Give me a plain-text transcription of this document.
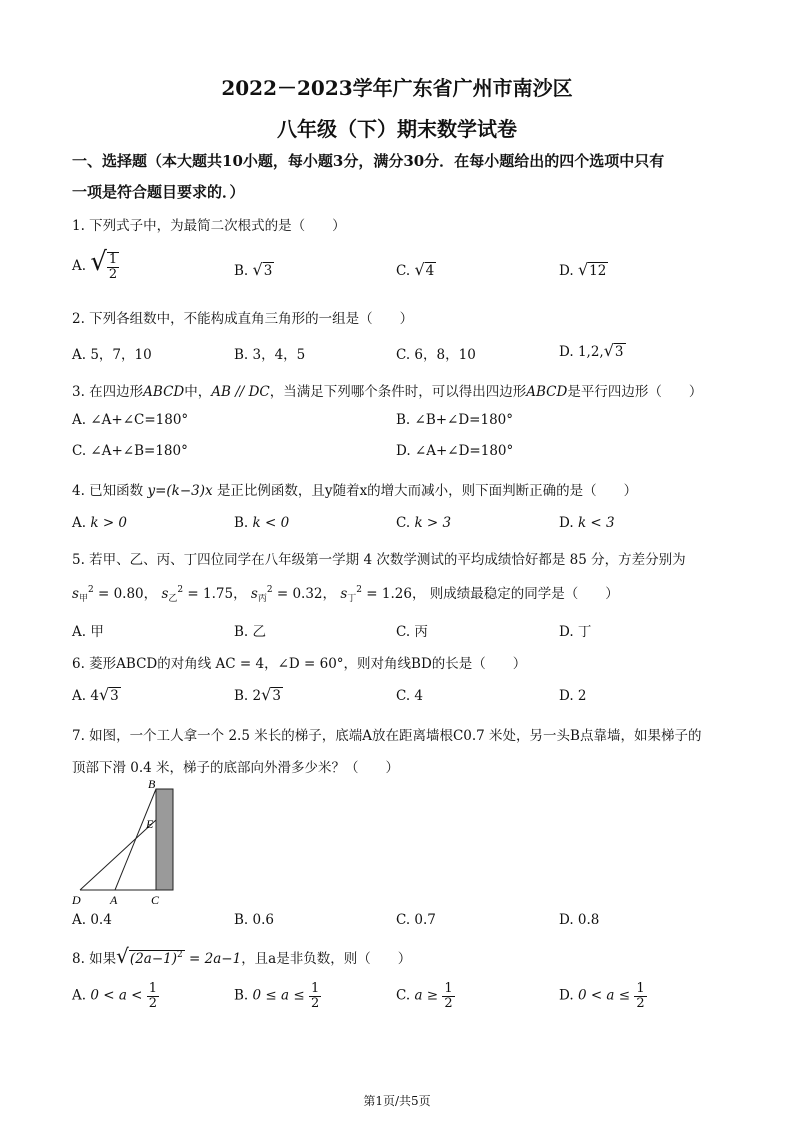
2022－2023学年广东省广州市南沙区
八年级（下）期末数学试卷
一、选择题（本大题共10小题，每小题3分，满分30分．在每小题给出的四个选项中只有
一项是符合题目要求的．）
1. 下列式子中，为最简二次根式的是（　　）
A. √ $\frac{1}{2}$	B. √3	C. √4	D. √12
2. 下列各组数中，不能构成直角三角形的一组是（　　）
A. 5，7，10	B. 3，4，5	C. 6，8，10	D. 1,2,√3
3. 在四边形ABCD中，AB // DC，当满足下列哪个条件时，可以得出四边形ABCD是平行四边形（　　）
A. ∠A+∠C=180°	B. ∠B+∠D=180°
C. ∠A+∠B=180°	D. ∠A+∠D=180°
4. 已知函数 y=(k−3)x 是正比例函数，且y随着x的增大而减小，则下面判断正确的是（　　）
A. k > 0	B. k < 0	C. k > 3	D. k < 3
5. 若甲、乙、丙、丁四位同学在八年级第一学期 4 次数学测试的平均成绩恰好都是 85 分，方差分别为
$s_甲^2 = 0.80$， $s_乙^2 = 1.75$， $s_丙^2 = 0.32$， $s_丁^2 = 1.26$， 则成绩最稳定的同学是（　　）
A. 甲	B. 乙	C. 丙	D. 丁
6. 菱形ABCD的对角线 AC = 4，∠D = 60°，则对角线BD的长是（　　）
A. 4√3	B. 2√3	C. 4	D. 2
7. 如图，一个工人拿一个 2.5 米长的梯子，底端A放在距离墙根C0.7 米处，另一头B点靠墙，如果梯子的
顶部下滑 0.4 米，梯子的底部向外滑多少米？（　　）
B
E
D A	C
A. 0.4	B. 0.6	C. 0.7	D. 0.8
8. 如果$√(2a-1)^2 = 2a-1$，且a是非负数，则（　　）
A. $0 < a < \frac{1}{2}$	B. $0 \le a \le \frac{1}{2}$	C. $a \ge \frac{1}{2}$	D. $0 < a \le \frac{1}{2}$
第1页/共5页
